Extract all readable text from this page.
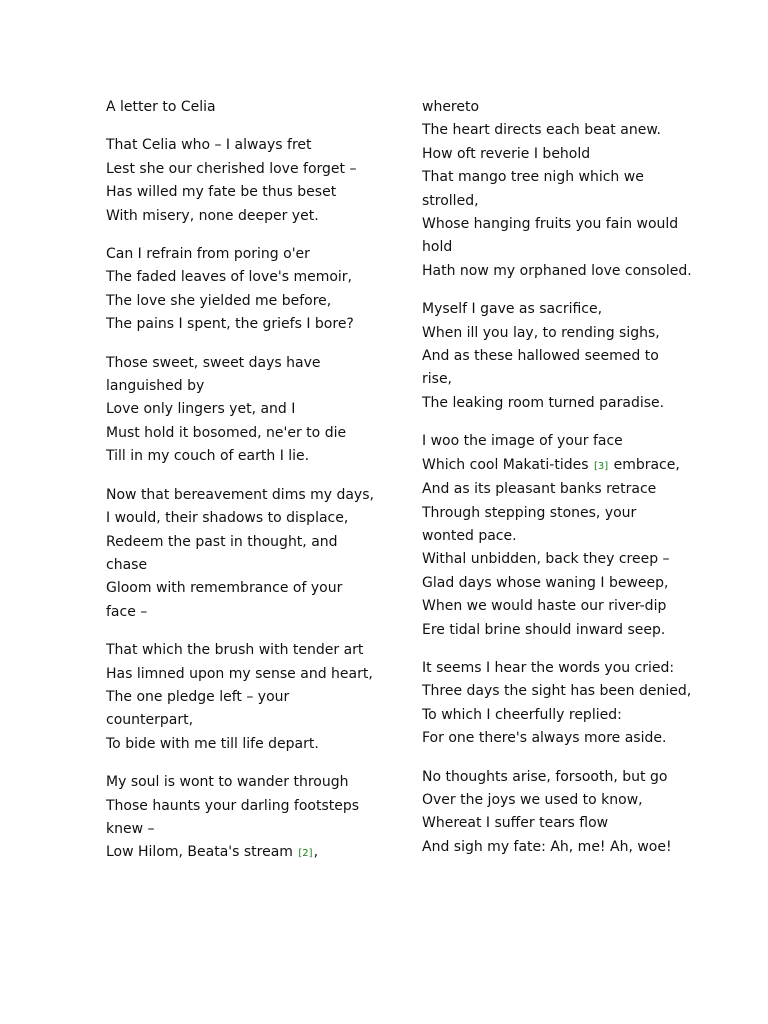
A letter to Celia
That Celia who – I always fret
Lest she our cherished love forget –
Has willed my fate be thus beset
With misery, none deeper yet.
Can I refrain from poring o'er
The faded leaves of love's memoir,
The love she yielded me before,
The pains I spent, the griefs I bore?
Those sweet, sweet days have languished by
Love only lingers yet, and I
Must hold it bosomed, ne'er to die
Till in my couch of earth I lie.
Now that bereavement dims my days,
I would, their shadows to displace,
Redeem the past in thought, and chase
Gloom with remembrance of your face –
That which the brush with tender art
Has limned upon my sense and heart,
The one pledge left – your counterpart,
To bide with me till life depart.
My soul is wont to wander through
Those haunts your darling footsteps knew –
Low Hilom, Beata's stream [2],
whereto
The heart directs each beat anew.
How oft reverie I behold
That mango tree nigh which we strolled,
Whose hanging fruits you fain would hold
Hath now my orphaned love consoled.
Myself I gave as sacrifice,
When ill you lay, to rending sighs,
And as these hallowed seemed to rise,
The leaking room turned paradise.
I woo the image of your face
Which cool Makati-tides [3] embrace,
And as its pleasant banks retrace
Through stepping stones, your wonted pace.
Withal unbidden, back they creep –
Glad days whose waning I beweep,
When we would haste our river-dip
Ere tidal brine should inward seep.
It seems I hear the words you cried:
Three days the sight has been denied,
To which I cheerfully replied:
For one there's always more aside.
No thoughts arise, forsooth, but go
Over the joys we used to know,
Whereat I suffer tears flow
And sigh my fate: Ah, me! Ah, woe!
